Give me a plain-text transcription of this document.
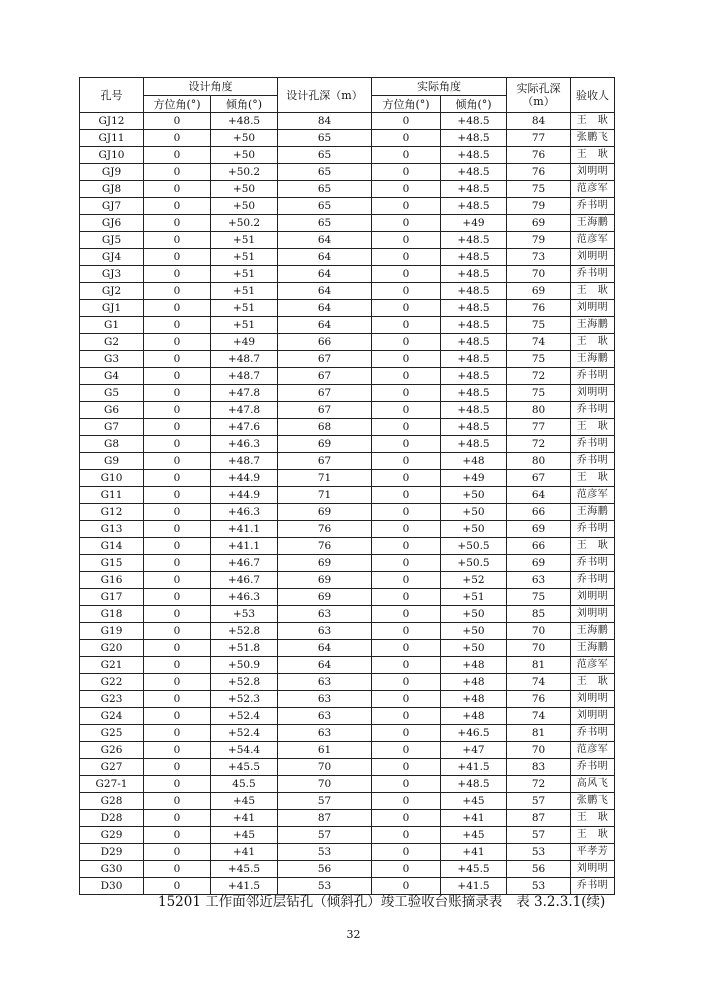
孔号	设计角度		设计孔深（m）	实际角度		实际孔深（m）	验收人
	方位角(°)	倾角(°)		方位角(°)	倾角(°)		
GJ12	0	+48.5	84	0	+48.5	84	王　耿
GJ11	0	+50	65	0	+48.5	77	张鹏飞
GJ10	0	+50	65	0	+48.5	76	王　耿
GJ9	0	+50.2	65	0	+48.5	76	刘明明
GJ8	0	+50	65	0	+48.5	75	范彦军
GJ7	0	+50	65	0	+48.5	79	乔书明
GJ6	0	+50.2	65	0	+49	69	王海鹏
GJ5	0	+51	64	0	+48.5	79	范彦军
GJ4	0	+51	64	0	+48.5	73	刘明明
GJ3	0	+51	64	0	+48.5	70	乔书明
GJ2	0	+51	64	0	+48.5	69	王　耿
GJ1	0	+51	64	0	+48.5	76	刘明明
G1	0	+51	64	0	+48.5	75	王海鹏
G2	0	+49	66	0	+48.5	74	王　耿
G3	0	+48.7	67	0	+48.5	75	王海鹏
G4	0	+48.7	67	0	+48.5	72	乔书明
G5	0	+47.8	67	0	+48.5	75	刘明明
G6	0	+47.8	67	0	+48.5	80	乔书明
G7	0	+47.6	68	0	+48.5	77	王　耿
G8	0	+46.3	69	0	+48.5	72	乔书明
G9	0	+48.7	67	0	+48	80	乔书明
G10	0	+44.9	71	0	+49	67	王　耿
G11	0	+44.9	71	0	+50	64	范彦军
G12	0	+46.3	69	0	+50	66	王海鹏
G13	0	+41.1	76	0	+50	69	乔书明
G14	0	+41.1	76	0	+50.5	66	王　耿
G15	0	+46.7	69	0	+50.5	69	乔书明
G16	0	+46.7	69	0	+52	63	乔书明
G17	0	+46.3	69	0	+51	75	刘明明
G18	0	+53	63	0	+50	85	刘明明
G19	0	+52.8	63	0	+50	70	王海鹏
G20	0	+51.8	64	0	+50	70	王海鹏
G21	0	+50.9	64	0	+48	81	范彦军
G22	0	+52.8	63	0	+48	74	王　耿
G23	0	+52.3	63	0	+48	76	刘明明
G24	0	+52.4	63	0	+48	74	刘明明
G25	0	+52.4	63	0	+46.5	81	乔书明
G26	0	+54.4	61	0	+47	70	范彦军
G27	0	+45.5	70	0	+41.5	83	乔书明
G27-1	0	45.5	70	0	+48.5	72	高风飞
G28	0	+45	57	0	+45	57	张鹏飞
D28	0	+41	87	0	+41	87	王　耿
G29	0	+45	57	0	+45	57	王　耿
D29	0	+41	53	0	+41	53	平孝芳
G30	0	+45.5	56	0	+45.5	56	刘明明
D30	0	+41.5	53	0	+41.5	53	乔书明
15201 工作面邻近层钻孔（倾斜孔）竣工验收台账摘录表 表 3.2.3.1(续)
32
